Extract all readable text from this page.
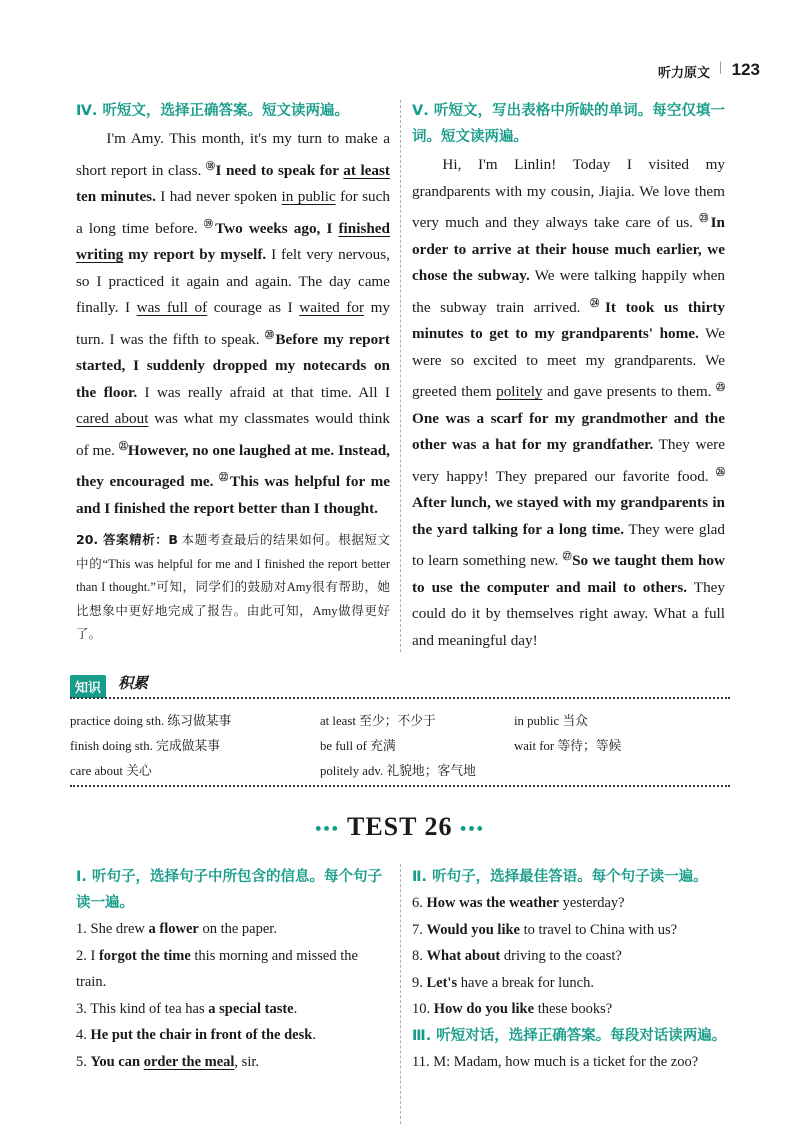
听力原文 | 123
Ⅳ. 听短文，选择正确答案。短文读两遍。

I'm Amy. This month, it's my turn to make a short report in class. ⑱I need to speak for at least ten minutes. I had never spoken in public for such a long time before. ⑲Two weeks ago, I finished writing my report by myself. I felt very nervous, so I practiced it again and again. The day came finally. I was full of courage as I waited for my turn. I was the fifth to speak. ⑳Before my report started, I suddenly dropped my notecards on the floor. I was really afraid at that time. All I cared about was what my classmates would think of me. $^㉑$However, no one laughed at me. Instead, they encouraged me. $^㉒$This was helpful for me and I finished the report better than I thought.

20. 答案精析：B 本题考查最后的结果如何。根据短文中的“This was helpful for me and I finished the report better than I thought.”可知，同学们的鼓励对Amy很有帮助，她比想象中更好地完成了报告。由此可知，Amy做得更好了。

Ⅴ. 听短文，写出表格中所缺的单词。每空仅填一词。短文读两遍。

Hi, I'm Linlin! Today I visited my grandparents with my cousin, Jiajia. We love them very much and they always take care of us. $^㉓$In order to arrive at their house much earlier, we chose the subway. We were talking happily when the subway train arrived. $^㉔$It took us thirty minutes to get to my grandparents' home. We were so excited to meet my grandparents. We greeted them politely and gave presents to them. $^㉕$One was a scarf for my grandmother and the other was a hat for my grandfather. They were very happy! They prepared our favorite food. $^㉖$After lunch, we stayed with my grandparents in the yard talking for a long time. They were glad to learn something new. $^㉗$So we taught them how to use the computer and mail to others. They could do it by themselves right away. What a full and meaningful day!

知识	积累
practice doing sth. 练习做某事	at least 至少；不少于	in public 当众
finish doing sth. 完成做某事	be full of 充满	wait for 等待；等候
care about 关心	politely adv. 礼貌地；客气地
••• TEST 26 •••
Ⅰ. 听句子，选择句子中所包含的信息。每个句子读一遍。
1. She drew a flower on the paper.
2. I forgot the time this morning and missed the train.
3. This kind of tea has a special taste.
4. He put the chair in front of the desk.
5. You can order the meal, sir.
Ⅱ. 听句子，选择最佳答语。每个句子读一遍。
6. How was the weather yesterday?
7. Would you like to travel to China with us?
8. What about driving to the coast?
9. Let's have a break for lunch.
10. How do you like these books?
Ⅲ. 听短对话，选择正确答案。每段对话读两遍。
11. M: Madam, how much is a ticket for the zoo?
